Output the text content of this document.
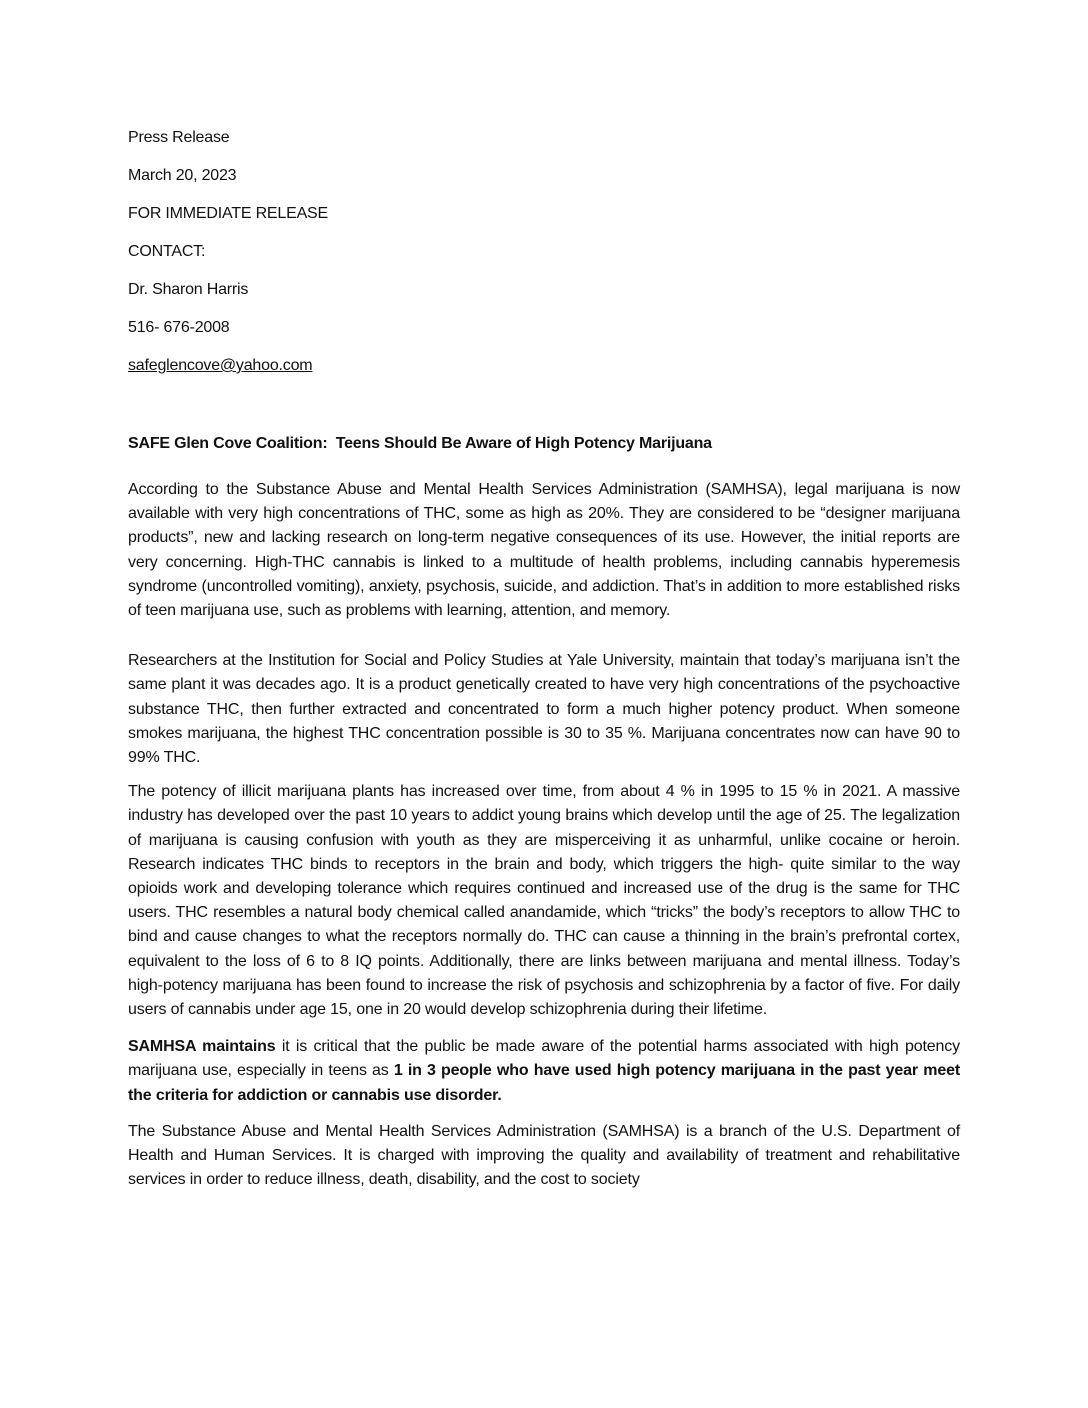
Press Release
March 20, 2023
FOR IMMEDIATE RELEASE
CONTACT:
Dr. Sharon Harris
516- 676-2008
safeglencove@yahoo.com
SAFE Glen Cove Coalition: Teens Should Be Aware of High Potency Marijuana

According to the Substance Abuse and Mental Health Services Administration (SAMHSA), legal marijuana is now available with very high concentrations of THC, some as high as 20%. They are considered to be “designer marijuana products”, new and lacking research on long-term negative consequences of its use. However, the initial reports are very concerning. High-THC cannabis is linked to a multitude of health problems, including cannabis hyperemesis syndrome (uncontrolled vomiting), anxiety, psychosis, suicide, and addiction. That’s in addition to more established risks of teen marijuana use, such as problems with learning, attention, and memory.

Researchers at the Institution for Social and Policy Studies at Yale University, maintain that today’s marijuana isn’t the same plant it was decades ago. It is a product genetically created to have very high concentrations of the psychoactive substance THC, then further extracted and concentrated to form a much higher potency product. When someone smokes marijuana, the highest THC concentration possible is 30 to 35 %. Marijuana concentrates now can have 90 to 99% THC.

The potency of illicit marijuana plants has increased over time, from about 4 % in 1995 to 15 % in 2021. A massive industry has developed over the past 10 years to addict young brains which develop until the age of 25. The legalization of marijuana is causing confusion with youth as they are misperceiving it as unharmful, unlike cocaine or heroin. Research indicates THC binds to receptors in the brain and body, which triggers the high- quite similar to the way opioids work and developing tolerance which requires continued and increased use of the drug is the same for THC users. THC resembles a natural body chemical called anandamide, which “tricks” the body’s receptors to allow THC to bind and cause changes to what the receptors normally do. THC can cause a thinning in the brain’s prefrontal cortex, equivalent to the loss of 6 to 8 IQ points. Additionally, there are links between marijuana and mental illness. Today’s high-potency marijuana has been found to increase the risk of psychosis and schizophrenia by a factor of five. For daily users of cannabis under age 15, one in 20 would develop schizophrenia during their lifetime.

SAMHSA maintains it is critical that the public be made aware of the potential harms associated with high potency marijuana use, especially in teens as 1 in 3 people who have used high potency marijuana in the past year meet the criteria for addiction or cannabis use disorder.

The Substance Abuse and Mental Health Services Administration (SAMHSA) is a branch of the U.S. Department of Health and Human Services. It is charged with improving the quality and availability of treatment and rehabilitative services in order to reduce illness, death, disability, and the cost to society
